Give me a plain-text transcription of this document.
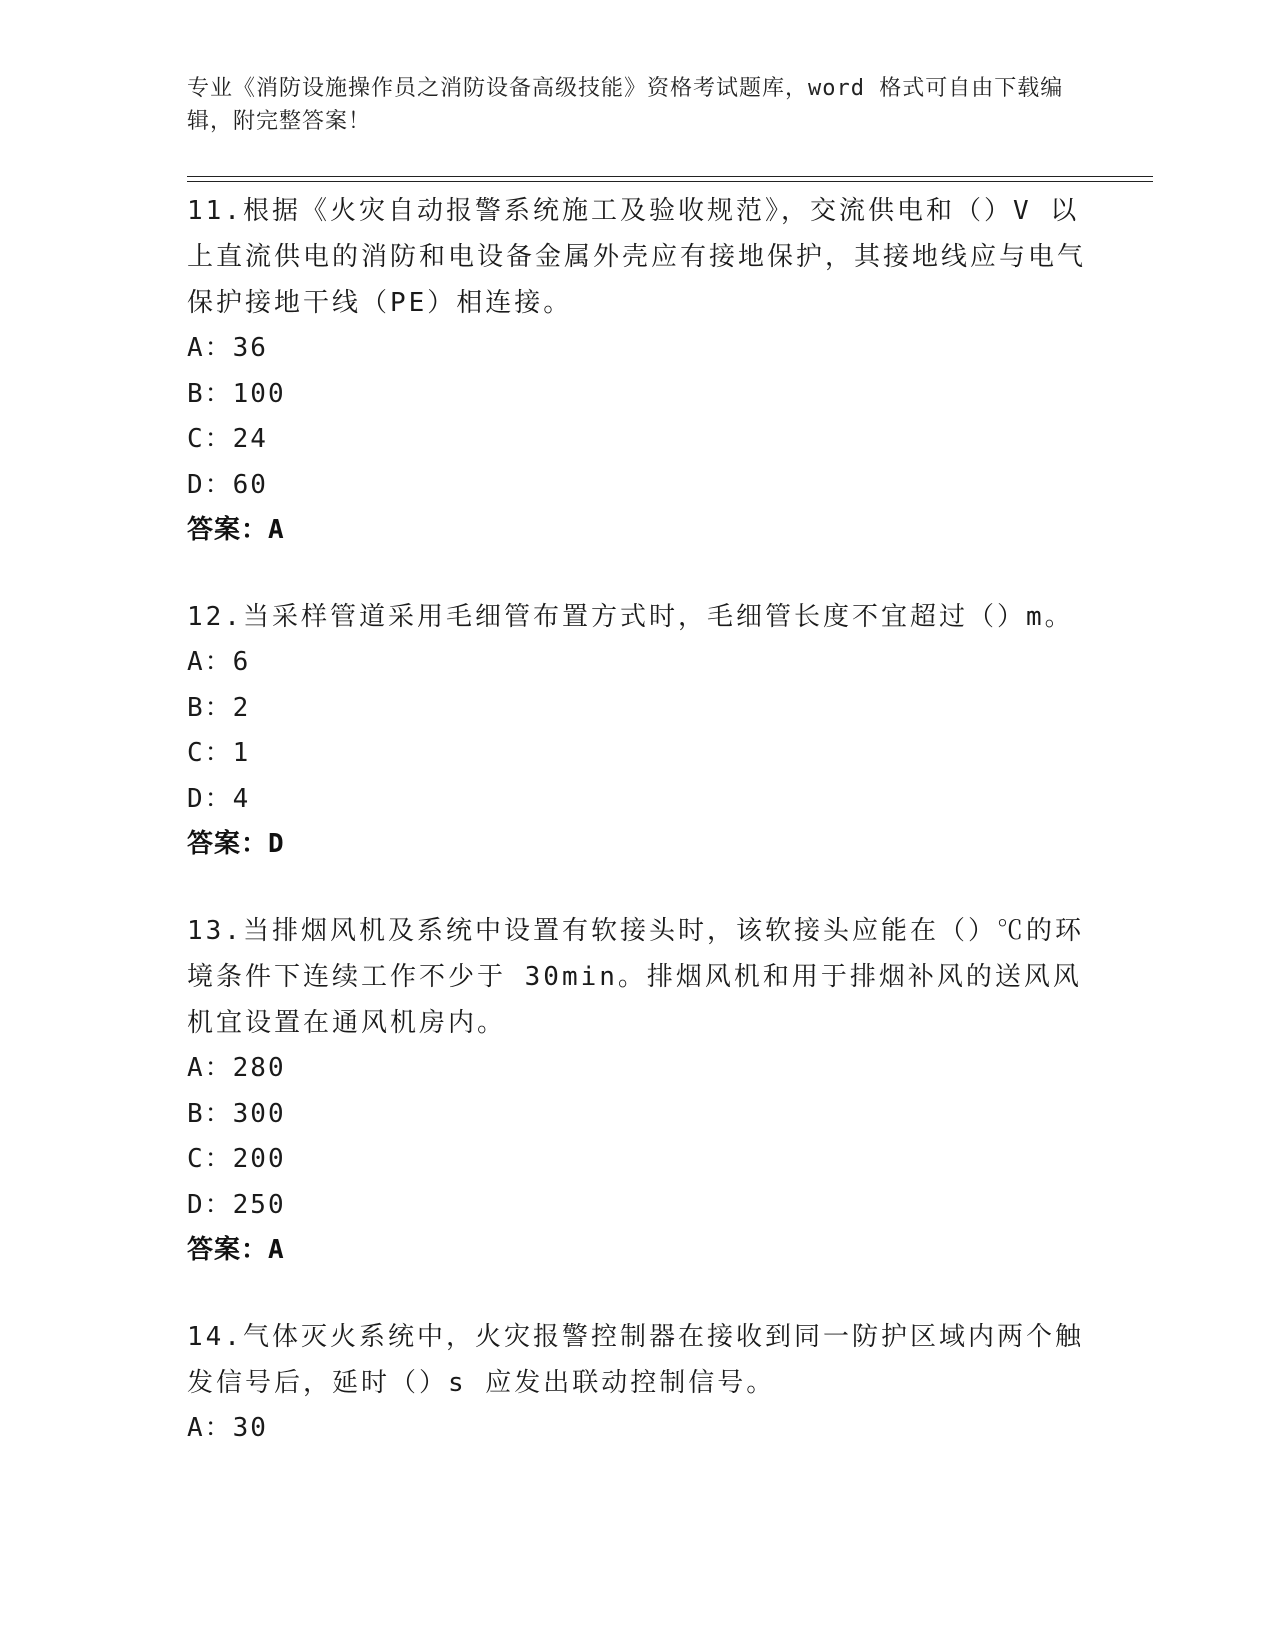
专业《消防设施操作员之消防设备高级技能》资格考试题库，word 格式可自由下载编辑，附完整答案！
11.根据《火灾自动报警系统施工及验收规范》，交流供电和（）V 以上直流供电的消防和电设备金属外壳应有接地保护，其接地线应与电气保护接地干线（PE）相连接。
A：36
B：100
C：24
D：60
答案：A
12.当采样管道采用毛细管布置方式时，毛细管长度不宜超过（）m。
A：6
B：2
C：1
D：4
答案：D
13.当排烟风机及系统中设置有软接头时，该软接头应能在（）℃的环境条件下连续工作不少于 30min。排烟风机和用于排烟补风的送风风机宜设置在通风机房内。
A：280
B：300
C：200
D：250
答案：A
14.气体灭火系统中，火灾报警控制器在接收到同一防护区域内两个触发信号后，延时（）s 应发出联动控制信号。
A：30
